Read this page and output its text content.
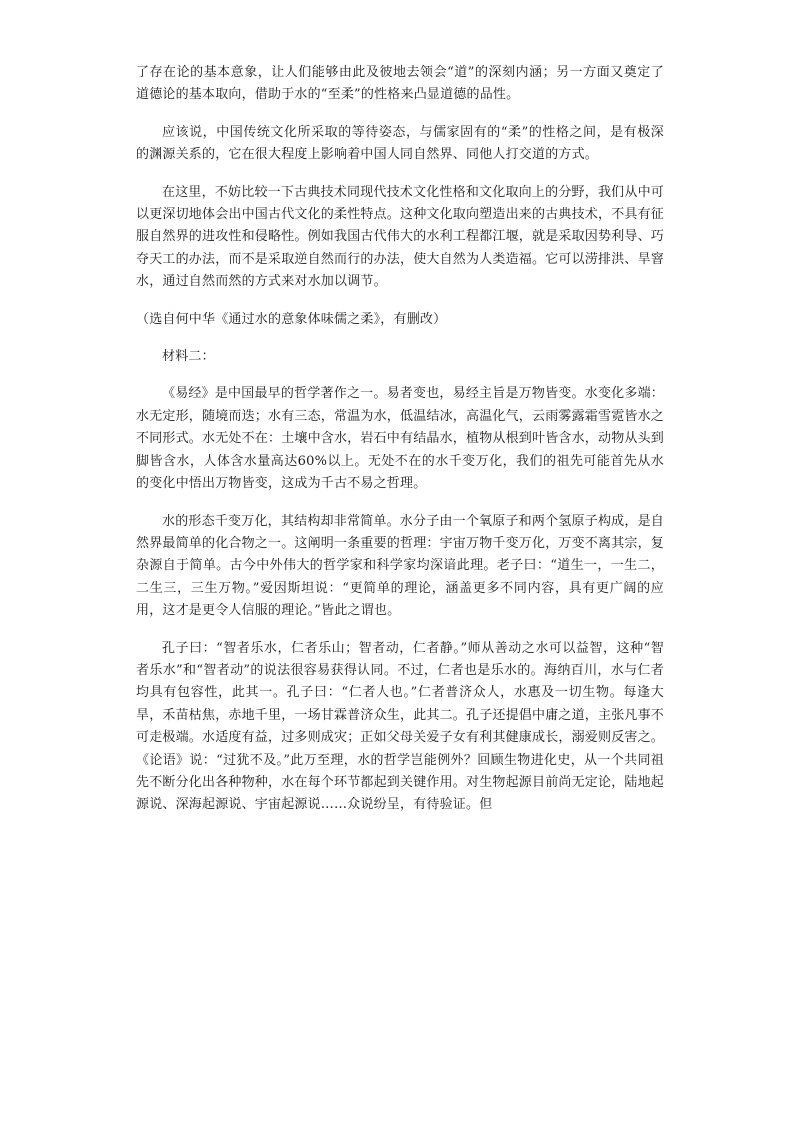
了存在论的基本意象，让人们能够由此及彼地去领会“道”的深刻内涵；另一方面又奠定了道德论的基本取向，借助于水的“至柔”的性格来凸显道德的品性。

应该说，中国传统文化所采取的等待姿态，与儒家固有的“柔”的性格之间，是有极深的渊源关系的，它在很大程度上影响着中国人同自然界、同他人打交道的方式。

在这里，不妨比较一下古典技术同现代技术文化性格和文化取向上的分野，我们从中可以更深切地体会出中国古代文化的柔性特点。这种文化取向塑造出来的古典技术，不具有征服自然界的进攻性和侵略性。例如我国古代伟大的水利工程都江堰，就是采取因势利导、巧夺天工的办法，而不是采取逆自然而行的办法，使大自然为人类造福。它可以涝排洪、旱窨水，通过自然而然的方式来对水加以调节。

（选自何中华《通过水的意象体味儒之柔》，有删改）

材料二：

《易经》是中国最早的哲学著作之一。易者变也，易经主旨是万物皆变。水变化多端：水无定形，随境而迭；水有三态，常温为水，低温结冰，高温化气，云雨雾露霜雪霓皆水之不同形式。水无处不在：土壤中含水，岩石中有结晶水，植物从根到叶皆含水，动物从头到脚皆含水，人体含水量高达60%以上。无处不在的水千变万化，我们的祖先可能首先从水的变化中悟出万物皆变，这成为千古不易之哲理。

水的形态千变万化，其结构却非常简单。水分子由一个氧原子和两个氢原子构成，是自然界最简单的化合物之一。这阐明一条重要的哲理：宇宙万物千变万化，万变不离其宗，复杂源自于简单。古今中外伟大的哲学家和科学家均深谙此理。老子曰：“道生一，一生二，二生三，三生万物。”爱因斯坦说：“更简单的理论，涵盖更多不同内容，具有更广阔的应用，这才是更令人信服的理论。”皆此之谓也。

孔子曰：“智者乐水，仁者乐山；智者动，仁者静。”师从善动之水可以益智，这种“智者乐水”和“智者动”的说法很容易获得认同。不过，仁者也是乐水的。海纳百川，水与仁者均具有包容性，此其一。孔子曰：“仁者人也。”仁者普济众人，水惠及一切生物。每逢大旱，禾苗枯焦，赤地千里，一场甘霖普济众生，此其二。孔子还提倡中庸之道，主张凡事不可走极端。水适度有益，过多则成灾；正如父母关爱子女有利其健康成长，溺爱则反害之。《论语》说：“过犹不及。”此万至理，水的哲学岂能例外？回顾生物进化史，从一个共同祖先不断分化出各种物种，水在每个环节都起到关键作用。对生物起源目前尚无定论，陆地起源说、深海起源说、宇宙起源说……众说纷呈，有待验证。但
